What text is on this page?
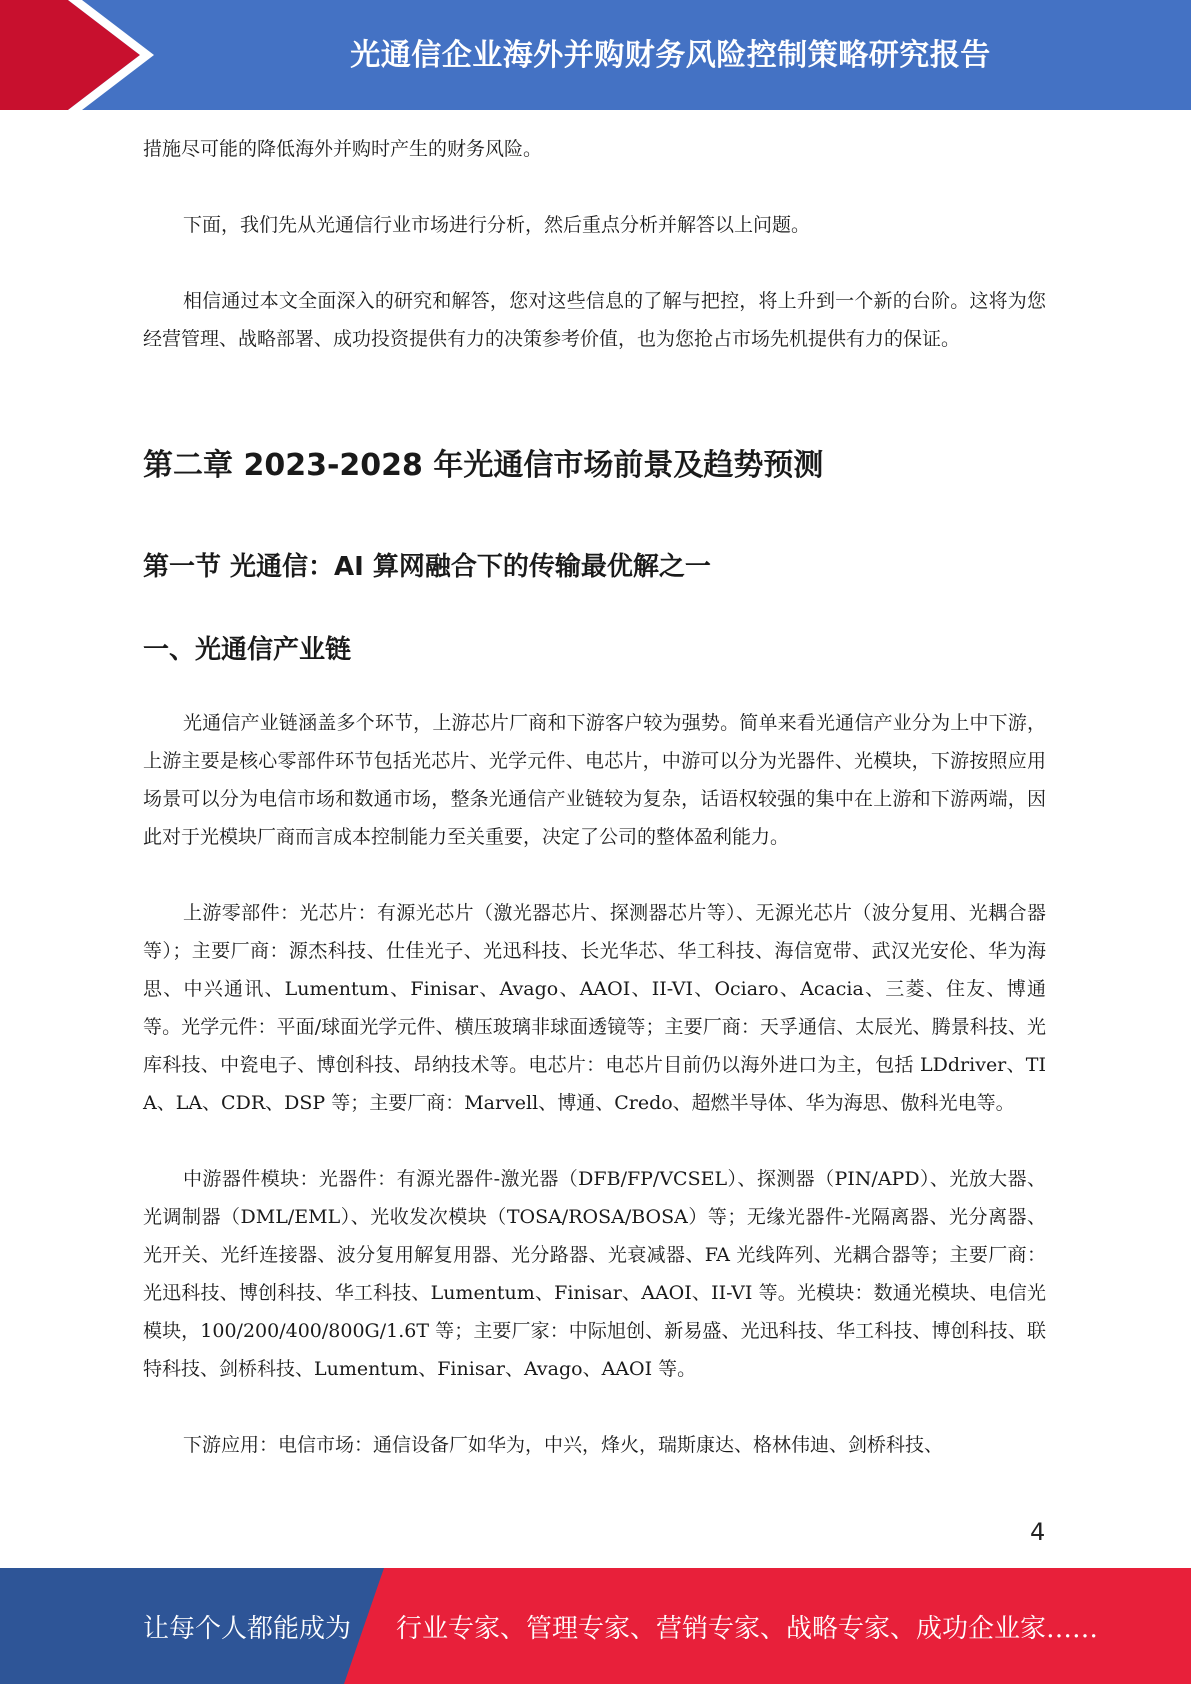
光通信企业海外并购财务风险控制策略研究报告

措施尽可能的降低海外并购时产生的财务风险。

下面，我们先从光通信行业市场进行分析，然后重点分析并解答以上问题。

相信通过本文全面深入的研究和解答，您对这些信息的了解与把控，将上升到一个新的台阶。这将为您经营管理、战略部署、成功投资提供有力的决策参考价值，也为您抢占市场先机提供有力的保证。

第二章 2023-2028 年光通信市场前景及趋势预测
第一节 光通信：AI 算网融合下的传输最优解之一
一、光通信产业链

光通信产业链涵盖多个环节，上游芯片厂商和下游客户较为强势。简单来看光通信产业分为上中下游，上游主要是核心零部件环节包括光芯片、光学元件、电芯片，中游可以分为光器件、光模块，下游按照应用场景可以分为电信市场和数通市场，整条光通信产业链较为复杂，话语权较强的集中在上游和下游两端，因此对于光模块厂商而言成本控制能力至关重要，决定了公司的整体盈利能力。

上游零部件：光芯片：有源光芯片（激光器芯片、探测器芯片等）、无源光芯片（波分复用、光耦合器等）；主要厂商：源杰科技、仕佳光子、光迅科技、长光华芯、华工科技、海信宽带、武汉光安伦、华为海思、中兴通讯、Lumentum、Finisar、Avago、AAOI、II-VI、Ociaro、Acacia、三菱、住友、博通等。光学元件：平面/球面光学元件、横压玻璃非球面透镜等；主要厂商：天孚通信、太辰光、腾景科技、光库科技、中瓷电子、博创科技、昂纳技术等。电芯片：电芯片目前仍以海外进口为主，包括 LDdriver、TIA、LA、CDR、DSP 等；主要厂商：Marvell、博通、Credo、超燃半导体、华为海思、傲科光电等。

中游器件模块：光器件：有源光器件-激光器（DFB/FP/VCSEL）、探测器（PIN/APD）、光放大器、光调制器（DML/EML）、光收发次模块（TOSA/ROSA/BOSA）等；无缘光器件-光隔离器、光分离器、光开关、光纤连接器、波分复用解复用器、光分路器、光衰减器、FA 光线阵列、光耦合器等；主要厂商：光迅科技、博创科技、华工科技、Lumentum、Finisar、AAOI、II-VI 等。光模块：数通光模块、电信光模块，100/200/400/800G/1.6T 等；主要厂家：中际旭创、新易盛、光迅科技、华工科技、博创科技、联特科技、剑桥科技、Lumentum、Finisar、Avago、AAOI 等。

下游应用：电信市场：通信设备厂如华为，中兴，烽火，瑞斯康达、格林伟迪、剑桥科技、

4
让每个人都能成为 行业专家、管理专家、营销专家、战略专家、成功企业家……
